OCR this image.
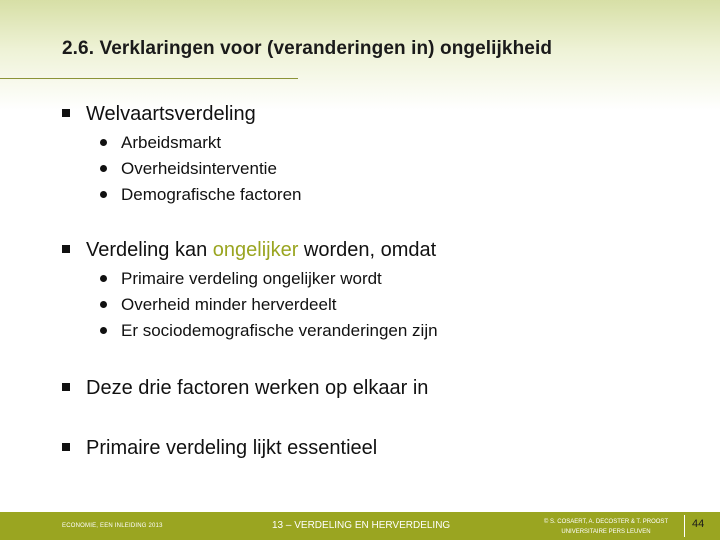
2.6. Verklaringen voor (veranderingen in) ongelijkheid
Welvaartsverdeling
Arbeidsmarkt
Overheidsinterventie
Demografische factoren
Verdeling kan ongelijker worden, omdat
Primaire verdeling ongelijker wordt
Overheid minder herverdeelt
Er sociodemografische veranderingen zijn
Deze drie factoren werken op elkaar in
Primaire verdeling lijkt essentieel
ECONOMIE, EEN INLEIDING 2013	13 – VERDELING EN HERVERDELING	© S. COSAERT, A. DECOSTER & T. PROOST
UNIVERSITAIRE PERS LEUVEN
44
